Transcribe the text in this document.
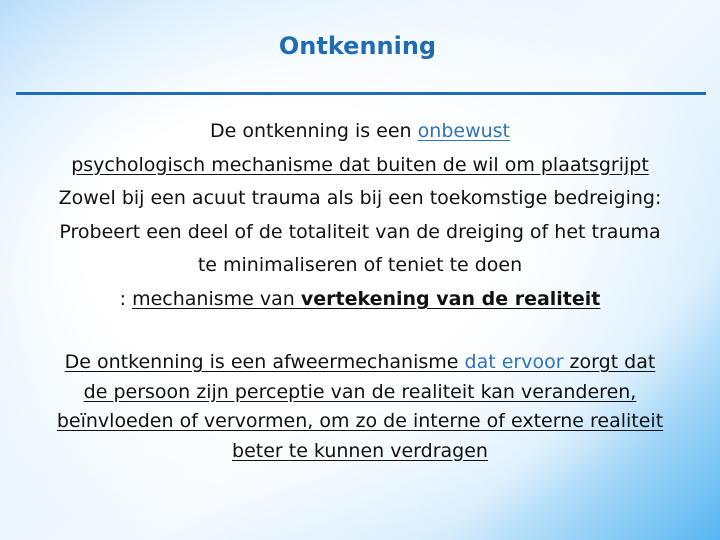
Ontkenning
De ontkenning is een onbewust
psychologisch mechanisme dat buiten de wil om plaatsgrijpt
Zowel bij een acuut trauma als bij een toekomstige bedreiging:
Probeert een deel of de totaliteit van de dreiging of het trauma
te minimaliseren of teniet te doen
: mechanisme van vertekening van de realiteit
De ontkenning is een afweermechanisme dat ervoor zorgt dat
de persoon zijn perceptie van de realiteit kan veranderen,
beïnvloeden of vervormen, om zo de interne of externe realiteit
beter te kunnen verdragen
